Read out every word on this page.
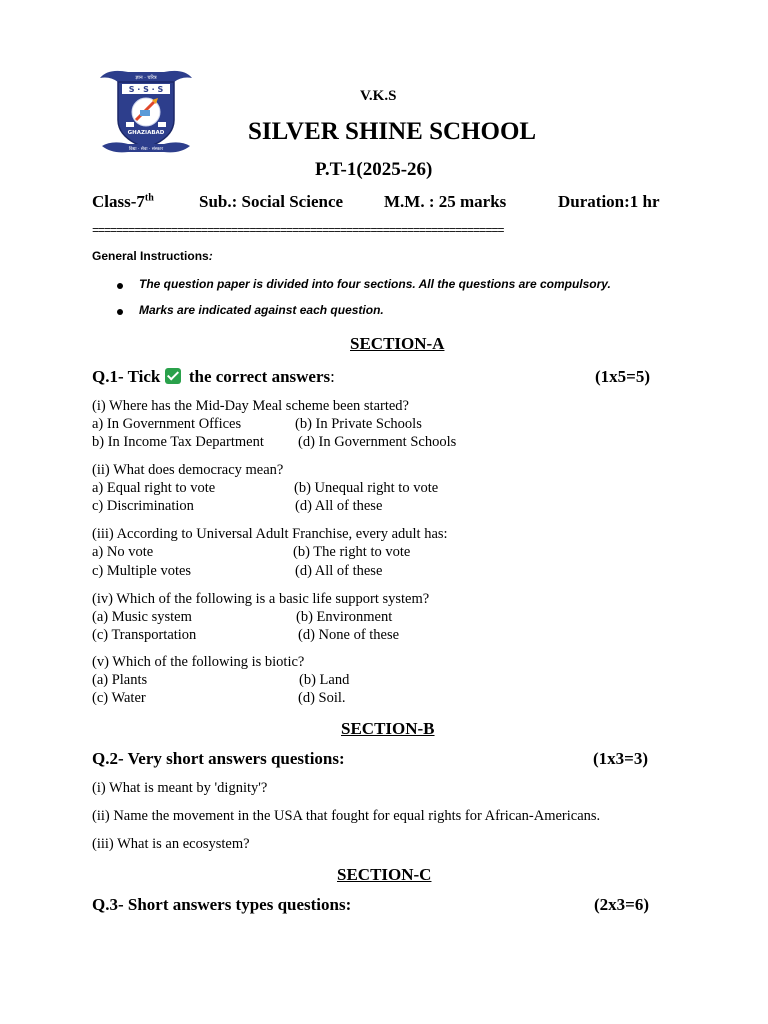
ज्ञान · चरित्र
S · S · S
GHAZIABAD
विद्या · सेवा · संस्कार
V.K.S
SILVER SHINE SCHOOL
P.T-1(2025-26)
Class-7th	Sub.: Social Science M.M. : 25 marks	Duration:1 hr
====================================================================
General Instructions:
The question paper is divided into four sections. All the questions are compulsory.
Marks are indicated against each question.
SECTION-A
Q.1- Tick the correct answers:	(1x5=5)
(i) Where has the Mid-Day Meal scheme been started?
a) In Government Offices	(b) In Private Schools
b) In Income Tax Department (d) In Government Schools
(ii) What does democracy mean?
a) Equal right to vote	(b) Unequal right to vote
c) Discrimination	(d) All of these
(iii) According to Universal Adult Franchise, every adult has:
a) No vote	(b) The right to vote
c) Multiple votes	(d) All of these
(iv) Which of the following is a basic life support system?
(a) Music system	(b) Environment
(c) Transportation	(d) None of these
(v) Which of the following is biotic?
(a) Plants	(b) Land
(c) Water	(d) Soil.
SECTION-B
Q.2- Very short answers questions:	(1x3=3)
(i) What is meant by 'dignity'?
(ii) Name the movement in the USA that fought for equal rights for African-Americans.
(iii) What is an ecosystem?
SECTION-C
Q.3- Short answers types questions:	(2x3=6)
